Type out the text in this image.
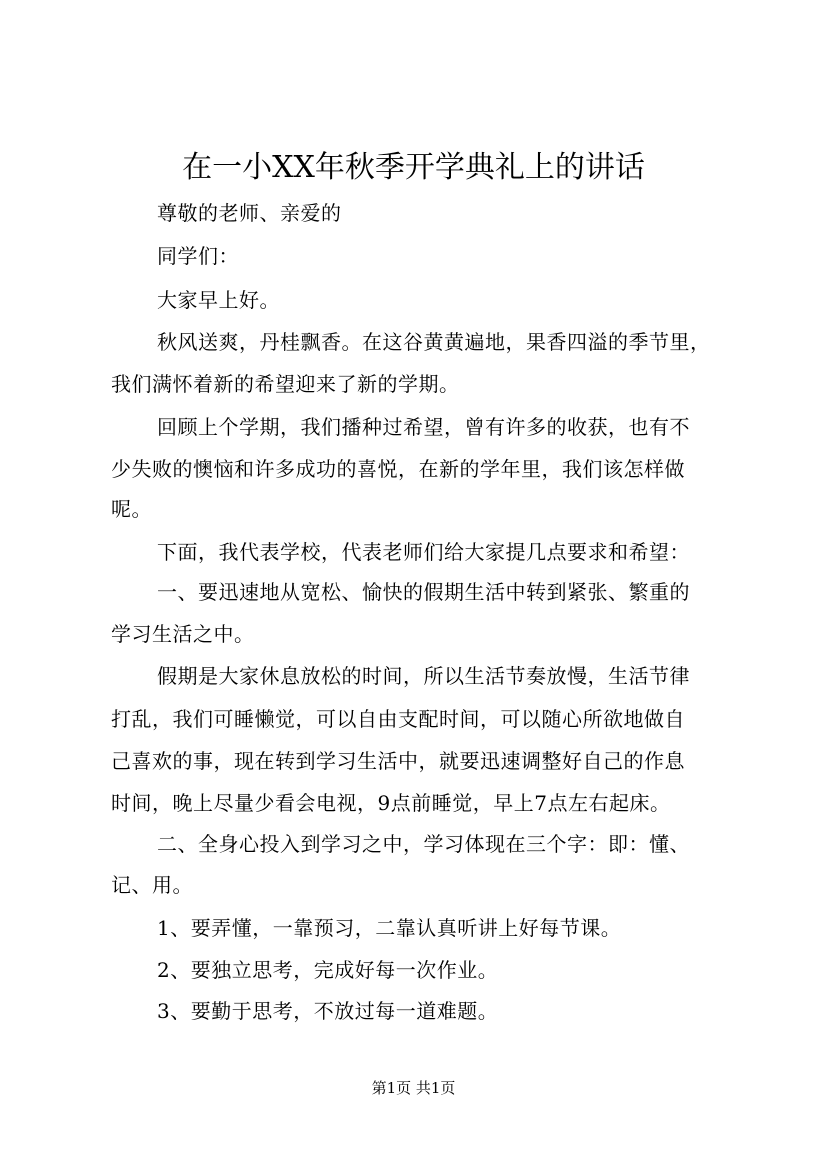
在一小XX年秋季开学典礼上的讲话
尊敬的老师、亲爱的
同学们：
大家早上好。
秋风送爽，丹桂飘香。在这谷黄黄遍地，果香四溢的季节里，
我们满怀着新的希望迎来了新的学期。
回顾上个学期，我们播种过希望，曾有许多的收获，也有不
少失败的懊恼和许多成功的喜悦，在新的学年里，我们该怎样做
呢。
下面，我代表学校，代表老师们给大家提几点要求和希望：
一、要迅速地从宽松、愉快的假期生活中转到紧张、繁重的
学习生活之中。
假期是大家休息放松的时间，所以生活节奏放慢，生活节律
打乱，我们可睡懒觉，可以自由支配时间，可以随心所欲地做自
己喜欢的事，现在转到学习生活中，就要迅速调整好自己的作息
时间，晚上尽量少看会电视，9点前睡觉，早上7点左右起床。
二、全身心投入到学习之中，学习体现在三个字：即：懂、
记、用。
1、要弄懂，一靠预习，二靠认真听讲上好每节课。
2、要独立思考，完成好每一次作业。
3、要勤于思考，不放过每一道难题。
第1页 共1页
